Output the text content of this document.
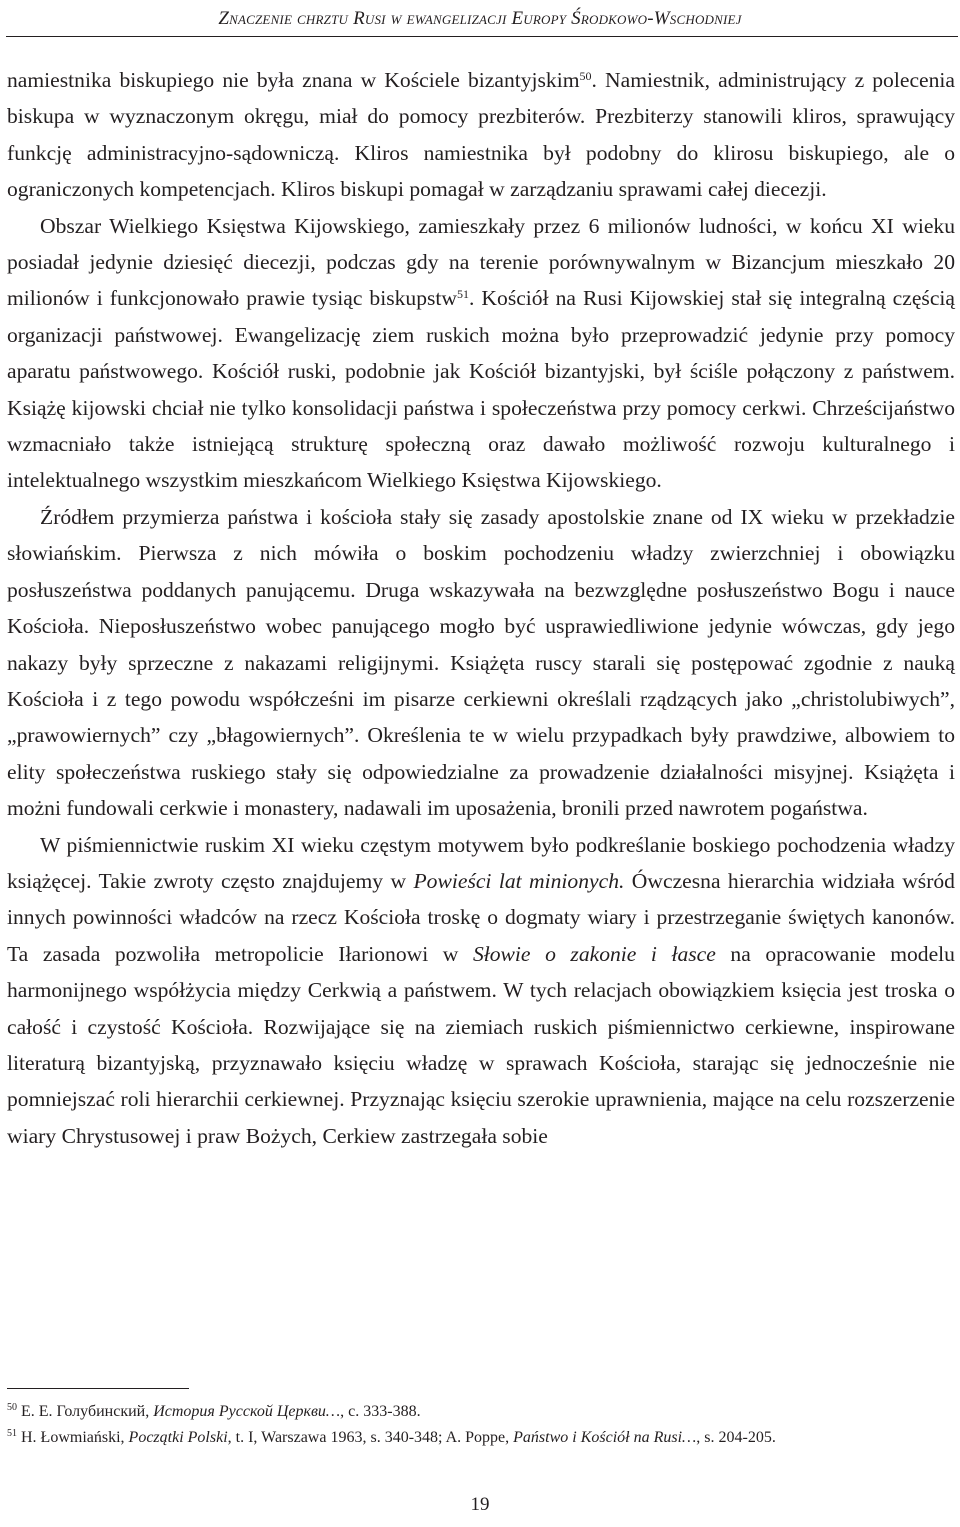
Znaczenie chrztu Rusi w ewangelizacji Europy Środkowo-Wschodniej

namiestnika biskupiego nie była znana w Kościele bizantyjskim$^{50}$. Namiestnik, administrujący z polecenia biskupa w wyznaczonym okręgu, miał do pomocy prezbiterów. Prezbiterzy stanowili kliros, sprawujący funkcję administracyjno-sądowniczą. Kliros namiestnika był podobny do klirosu biskupiego, ale o ograniczonych kompetencjach. Kliros biskupi pomagał w zarządzaniu sprawami całej diecezji.

Obszar Wielkiego Księstwa Kijowskiego, zamieszkały przez 6 milionów ludności, w końcu XI wieku posiadał jedynie dziesięć diecezji, podczas gdy na terenie porównywalnym w Bizancjum mieszkało 20 milionów i funkcjonowało prawie tysiąc biskupstw$^{51}$. Kościół na Rusi Kijowskiej stał się integralną częścią organizacji państwowej. Ewangelizację ziem ruskich można było przeprowadzić jedynie przy pomocy aparatu państwowego. Kościół ruski, podobnie jak Kościół bizantyjski, był ściśle połączony z państwem. Książę kijowski chciał nie tylko konsolidacji państwa i społeczeństwa przy pomocy cerkwi. Chrześcijaństwo wzmacniało także istniejącą strukturę społeczną oraz dawało możliwość rozwoju kulturalnego i intelektualnego wszystkim mieszkańcom Wielkiego Księstwa Kijowskiego.

Źródłem przymierza państwa i kościoła stały się zasady apostolskie znane od IX wieku w przekładzie słowiańskim. Pierwsza z nich mówiła o boskim pochodzeniu władzy zwierzchniej i obowiązku posłuszeństwa poddanych panującemu. Druga wskazywała na bezwzględne posłuszeństwo Bogu i nauce Kościoła. Nieposłuszeństwo wobec panującego mogło być usprawiedliwione jedynie wówczas, gdy jego nakazy były sprzeczne z nakazami religijnymi. Książęta ruscy starali się postępować zgodnie z nauką Kościoła i z tego powodu współcześni im pisarze cerkiewni określali rządzących jako „christolubiwych”, „prawowiernych” czy „błagowiernych”. Określenia te w wielu przypadkach były prawdziwe, albowiem to elity społeczeństwa ruskiego stały się odpowiedzialne za prowadzenie działalności misyjnej. Książęta i możni fundowali cerkwie i monastery, nadawali im uposażenia, bronili przed nawrotem pogaństwa.

W piśmiennictwie ruskim XI wieku częstym motywem było podkreślanie boskiego pochodzenia władzy książęcej. Takie zwroty często znajdujemy w Powieści lat minionych. Ówczesna hierarchia widziała wśród innych powinności władców na rzecz Kościoła troskę o dogmaty wiary i przestrzeganie świętych kanonów. Ta zasada pozwoliła metropolicie Iłarionowi w Słowie o zakonie i łasce na opracowanie modelu harmonijnego współżycia między Cerkwią a państwem. W tych relacjach obowiązkiem księcia jest troska o całość i czystość Kościoła. Rozwijające się na ziemiach ruskich piśmiennictwo cerkiewne, inspirowane literaturą bizantyjską, przyznawało księciu władzę w sprawach Kościoła, starając się jednocześnie nie pomniejszać roli hierarchii cerkiewnej. Przyznając księciu szerokie uprawnienia, mające na celu rozszerzenie wiary Chrystusowej i praw Bożych, Cerkiew zastrzegała sobie

$^{50}$ Е. Е. Голубинский, История Русской Церкви…, с. 333-388.

$^{51}$ H. Łowmiański, Początki Polski, t. I, Warszawa 1963, s. 340-348; A. Poppe, Państwo i Kościół na Rusi…, s. 204-205.

19
